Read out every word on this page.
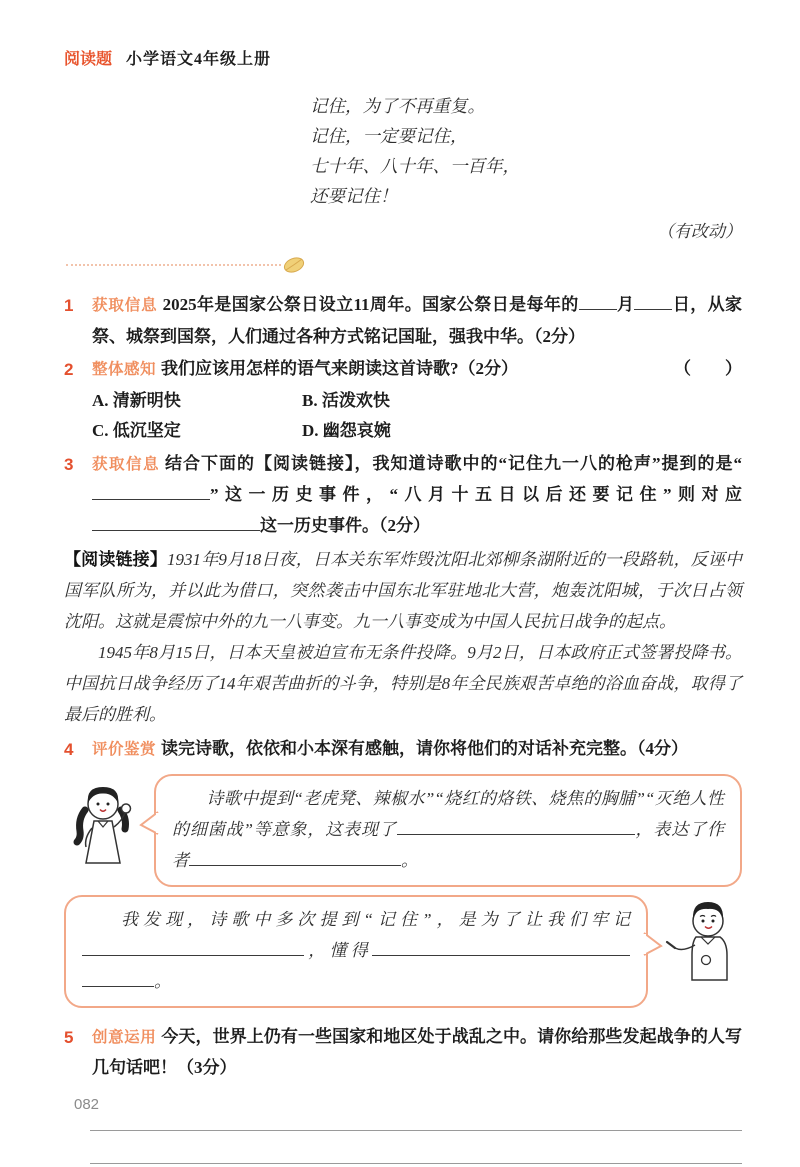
阅读题 小学语文4年级上册
记住，为了不再重复。
记住，一定要记住，
七十年、八十年、一百年，
还要记住！
（有改动）
1 获取信息 2025年是国家公祭日设立11周年。国家公祭日是每年的 月 日，从家祭、城祭到国祭，人们通过各种方式铭记国耻，强我中华。（2分）
2 整体感知 我们应该用怎样的语气来朗读这首诗歌?（2分）	（　　）
A. 清新明快	B. 活泼欢快
C. 低沉坚定	D. 幽怨哀婉
3 获取信息 结合下面的【阅读链接】，我知道诗歌中的“记住九一八的枪声”提到的是“”这一历史事件，“八月十五日以后还要记住”则对应这一历史事件。（2分）

【阅读链接】1931年9月18日夜，日本关东军炸毁沈阳北郊柳条湖附近的一段路轨，反诬中国军队所为，并以此为借口，突然袭击中国东北军驻地北大营，炮轰沈阳城，于次日占领沈阳。这就是震惊中外的九一八事变。九一八事变成为中国人民抗日战争的起点。

1945年8月15日，日本天皇被迫宣布无条件投降。9月2日，日本政府正式签署投降书。中国抗日战争经历了14年艰苦曲折的斗争，特别是8年全民族艰苦卓绝的浴血奋战，取得了最后的胜利。

4 评价鉴赏 读完诗歌，依依和小本深有感触，请你将他们的对话补充完整。（4分）
诗歌中提到“老虎凳、辣椒水”“烧红的烙铁、烧焦的胸脯”“灭绝人性的细菌战”等意象，这表现了	，表达了作者	。
我发现，诗歌中多次提到“记住”，是为了让我们牢记，懂得。
5 创意运用 今天，世界上仍有一些国家和地区处于战乱之中。请你给那些发起战争的人写几句话吧！（3分）
082
